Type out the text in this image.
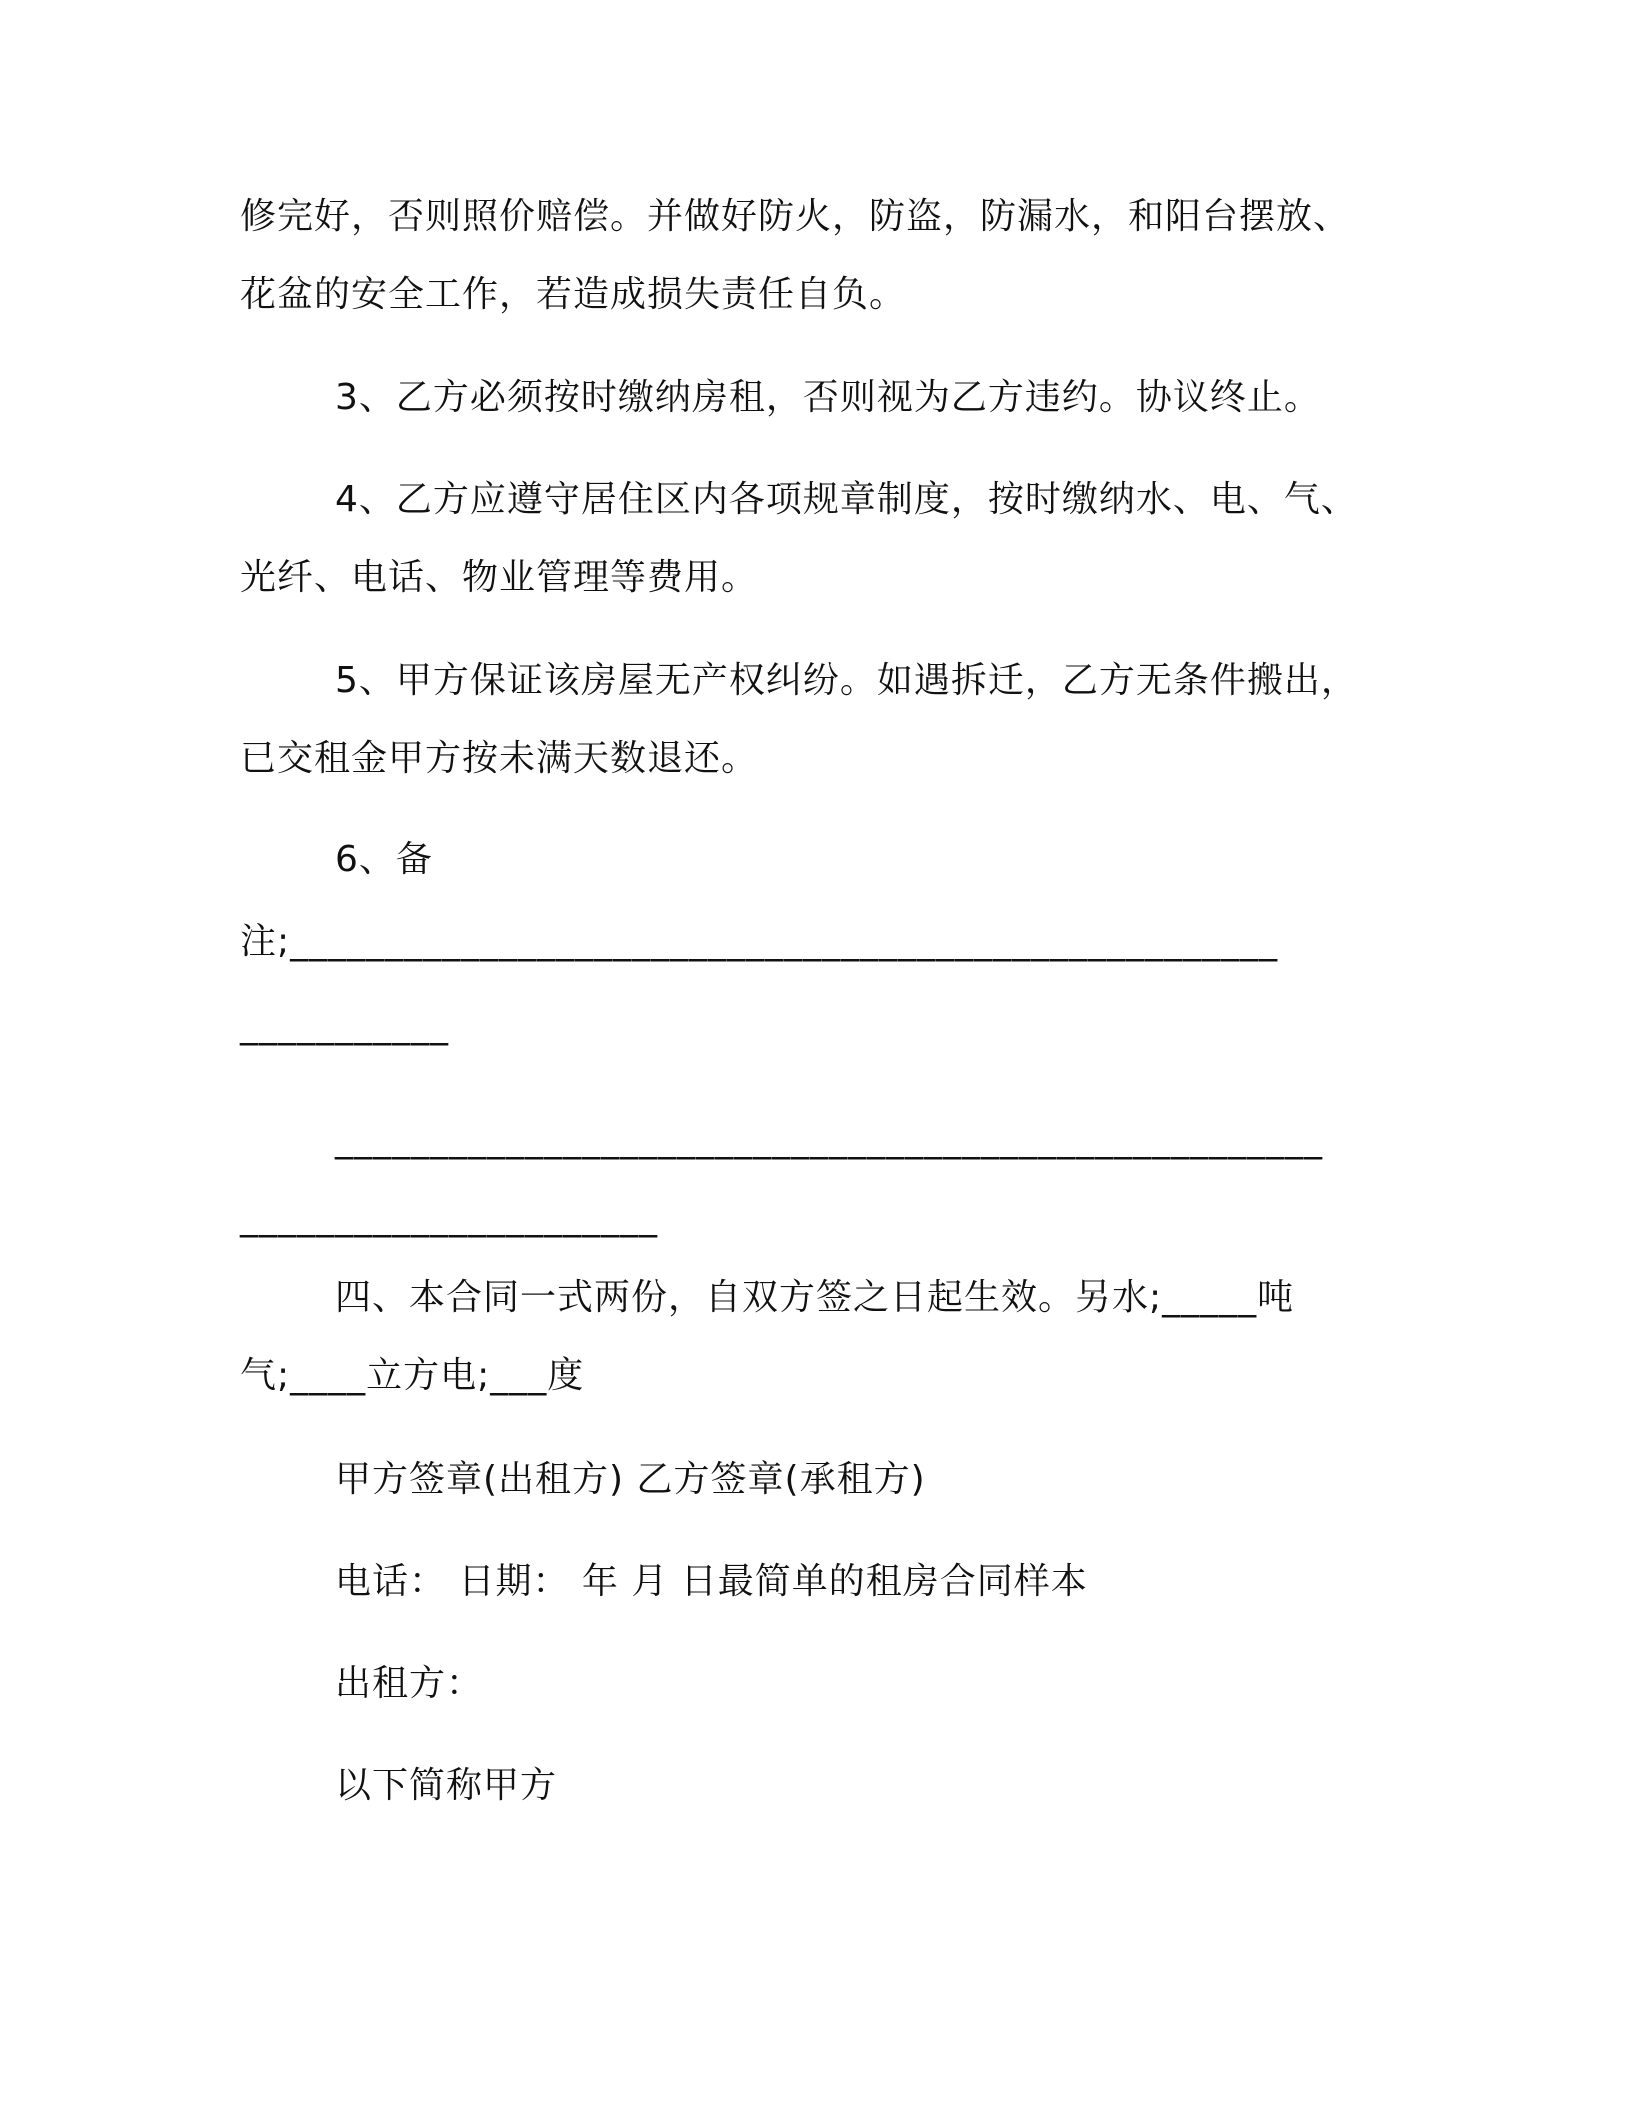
修完好，否则照价赔偿。并做好防火，防盗，防漏水，和阳台摆放、
花盆的安全工作，若造成损失责任自负。
3、乙方必须按时缴纳房租，否则视为乙方违约。协议终止。
4、乙方应遵守居住区内各项规章制度，按时缴纳水、电、气、
光纤、电话、物业管理等费用。
5、甲方保证该房屋无产权纠纷。如遇拆迁，乙方无条件搬出，
已交租金甲方按未满天数退还。
6、备
注;____________________________________________________
___________
____________________________________________________
______________________
四、本合同一式两份，自双方签之日起生效。另水;_____吨
气;____立方电;___度
甲方签章(出租方) 乙方签章(承租方)
电话： 日期： 年 月 日最简单的租房合同样本
出租方：
以下简称甲方
